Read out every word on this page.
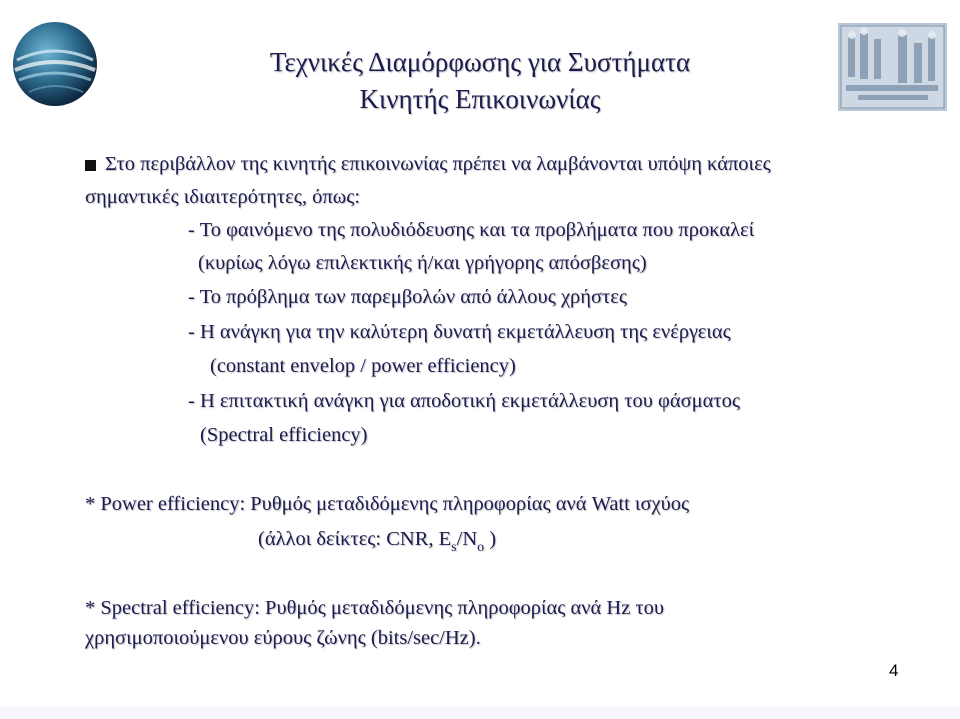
Τεχνικές Διαμόρφωσης για Συστήματα
Κινητής Επικοινωνίας
Στο περιβάλλον της κινητής επικοινωνίας πρέπει να λαμβάνονται υπόψη κάποιες
σημαντικές ιδιαιτερότητες, όπως:
- Το φαινόμενο της πολυδιόδευσης και τα προβλήματα που προκαλεί
(κυρίως λόγω επιλεκτικής ή/και γρήγορης απόσβεσης)
- Το πρόβλημα των παρεμβολών από άλλους χρήστες
- Η ανάγκη για την καλύτερη δυνατή εκμετάλλευση της ενέργειας
(constant envelop / power efficiency)
- Η επιτακτική ανάγκη για αποδοτική εκμετάλλευση του φάσματος
(Spectral efficiency)
* Power efficiency: Ρυθμός μεταδιδόμενης πληροφορίας ανά Watt ισχύος
(άλλοι δείκτες: CNR, $E_s/N_o$ )
* Spectral efficiency: Ρυθμός μεταδιδόμενης πληροφορίας ανά Hz του
χρησιμοποιούμενου εύρους ζώνης (bits/sec/Hz).
4
